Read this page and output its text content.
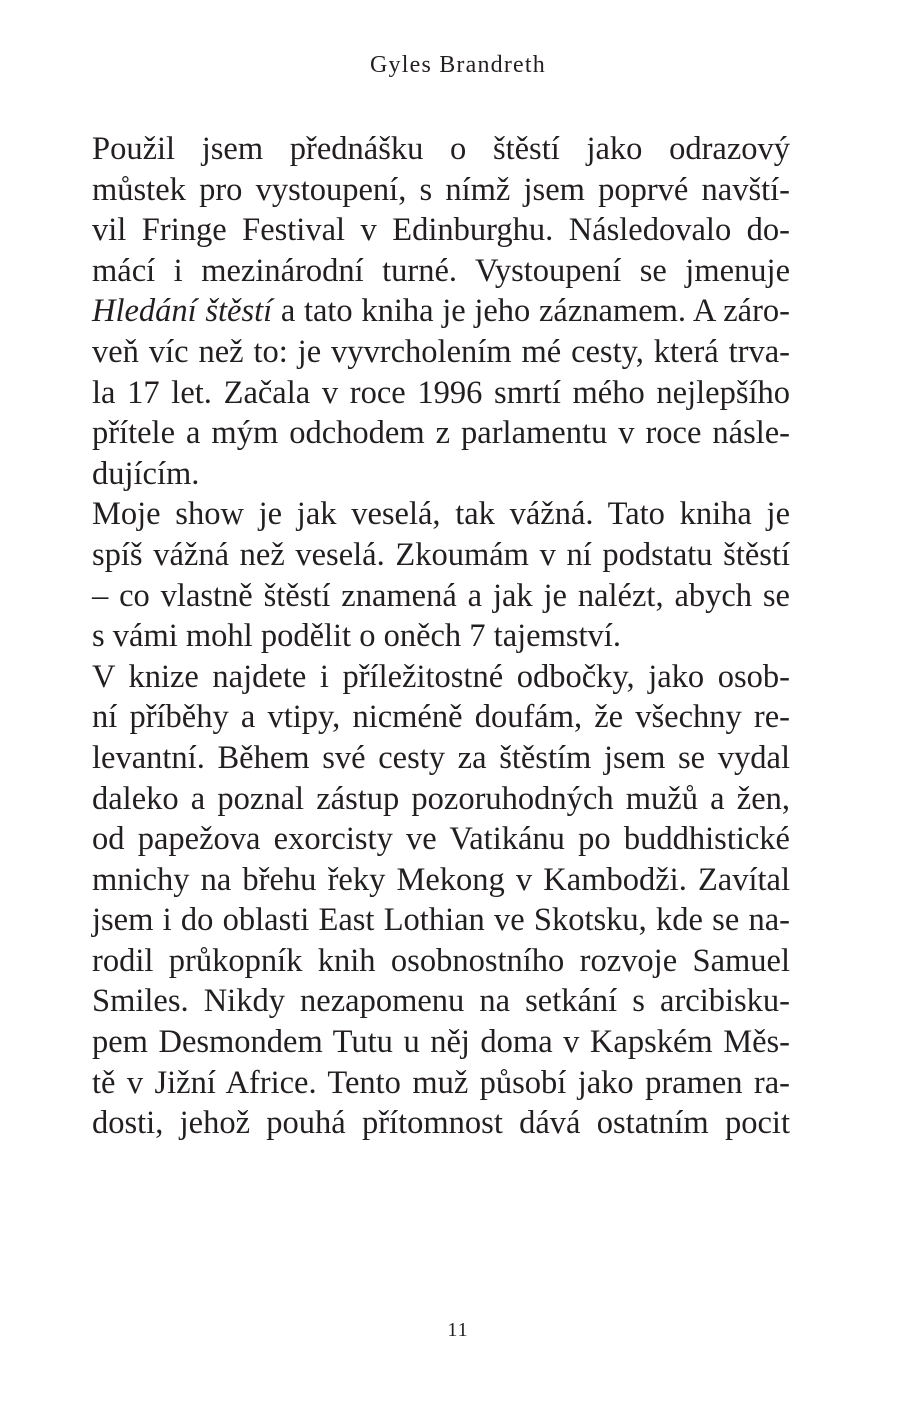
Gyles Brandreth
Použil jsem přednášku o štěstí jako odrazový
můstek pro vystoupení, s nímž jsem poprvé navští-
vil Fringe Festival v Edinburghu. Následovalo do-
mácí i mezinárodní turné. Vystoupení se jmenuje
Hledání štěstí a tato kniha je jeho záznamem. A záro-
veň víc než to: je vyvrcholením mé cesty, která trva-
la 17 let. Začala v roce 1996 smrtí mého nejlepšího
přítele a mým odchodem z parlamentu v roce násle-
dujícím.
Moje show je jak veselá, tak vážná. Tato kniha je
spíš vážná než veselá. Zkoumám v ní podstatu štěstí
– co vlastně štěstí znamená a jak je nalézt, abych se
s vámi mohl podělit o oněch 7 tajemství.
V knize najdete i příležitostné odbočky, jako osob-
ní příběhy a vtipy, nicméně doufám, že všechny re-
levantní. Během své cesty za štěstím jsem se vydal
daleko a poznal zástup pozoruhodných mužů a žen,
od papežova exorcisty ve Vatikánu po buddhistické
mnichy na břehu řeky Mekong v Kambodži. Zavítal
jsem i do oblasti East Lothian ve Skotsku, kde se na-
rodil průkopník knih osobnostního rozvoje Samuel
Smiles. Nikdy nezapomenu na setkání s arcibisku-
pem Desmondem Tutu u něj doma v Kapském Měs-
tě v Jižní Africe. Tento muž působí jako pramen ra-
dosti, jehož pouhá přítomnost dává ostatním pocit
11
